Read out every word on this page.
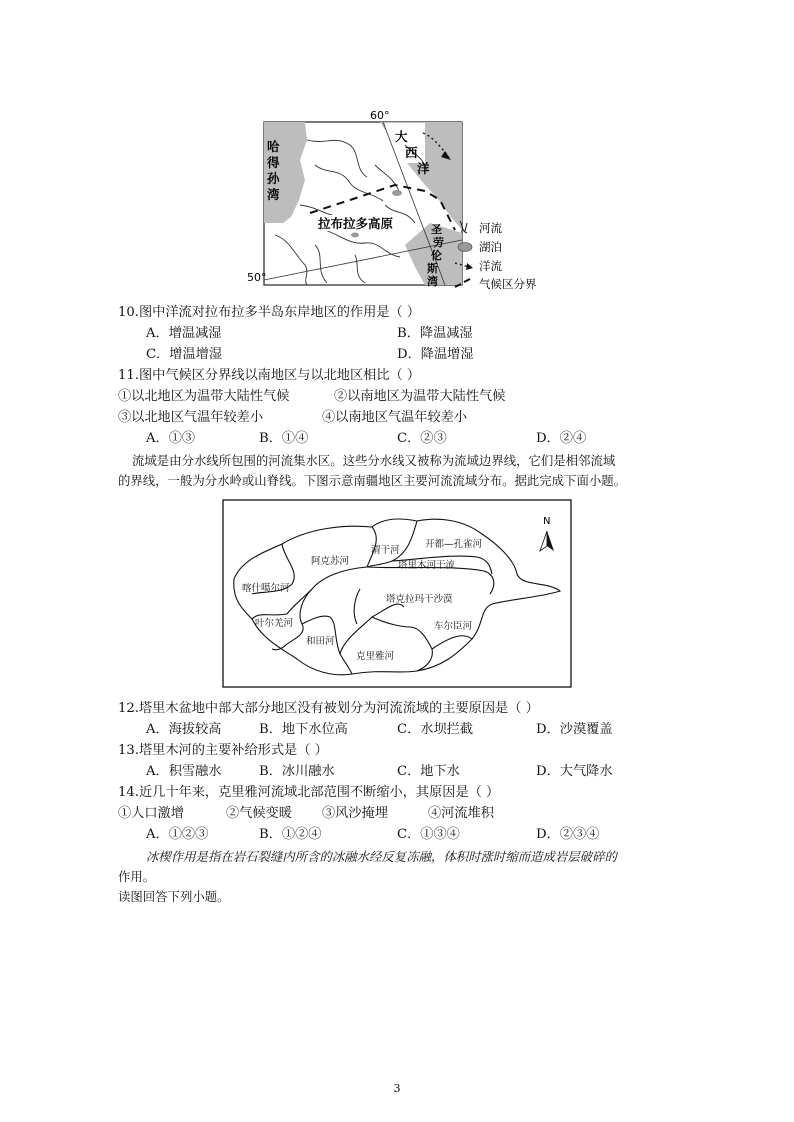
60°
50°
哈
得
孙
湾
大
西
洋
拉布拉多高原	圣
劳
伦
斯
湾
河流
湖泊
洋流
气候区分界
10.图中洋流对拉布拉多半岛东岸地区的作用是（ ）
A．增温减湿	B．降温减湿
C．增温增湿	D．降温增湿
11.图中气候区分界线以南地区与以北地区相比（ ）
①以北地区为温带大陆性气候	②以南地区为温带大陆性气候
③以北地区气温年较差小	④以南地区气温年较差小
A．①③	B．①④	C．②③	D．②④
流域是由分水线所包围的河流集水区。这些分水线又被称为流域边界线，它们是相邻流域
的界线，一般为分水岭或山脊线。下图示意南疆地区主要河流流域分布。据此完成下面小题。
N
渭干河
开都—孔雀河
阿克苏河	塔里木河干流
喀什噶尔河
塔克拉玛干沙漠
叶尔羌河	车尔臣河
和田河
克里雅河
12.塔里木盆地中部大部分地区没有被划分为河流流域的主要原因是（ ）
A．海拔较高	B．地下水位高	C．水坝拦截	D．沙漠覆盖
13.塔里木河的主要补给形式是（ ）
A．积雪融水	B．冰川融水	C．地下水	D．大气降水
14.近几十年来，克里雅河流域北部范围不断缩小，其原因是（ ）
①人口激增	②气候变暖 ③风沙掩埋	④河流堆积
A．①②③	B．①②④	C．①③④	D．②③④
冰楔作用是指在岩石裂缝内所含的冰融水经反复冻融，体积时涨时缩而造成岩层破碎的
作用。
读图回答下列小题。
3
